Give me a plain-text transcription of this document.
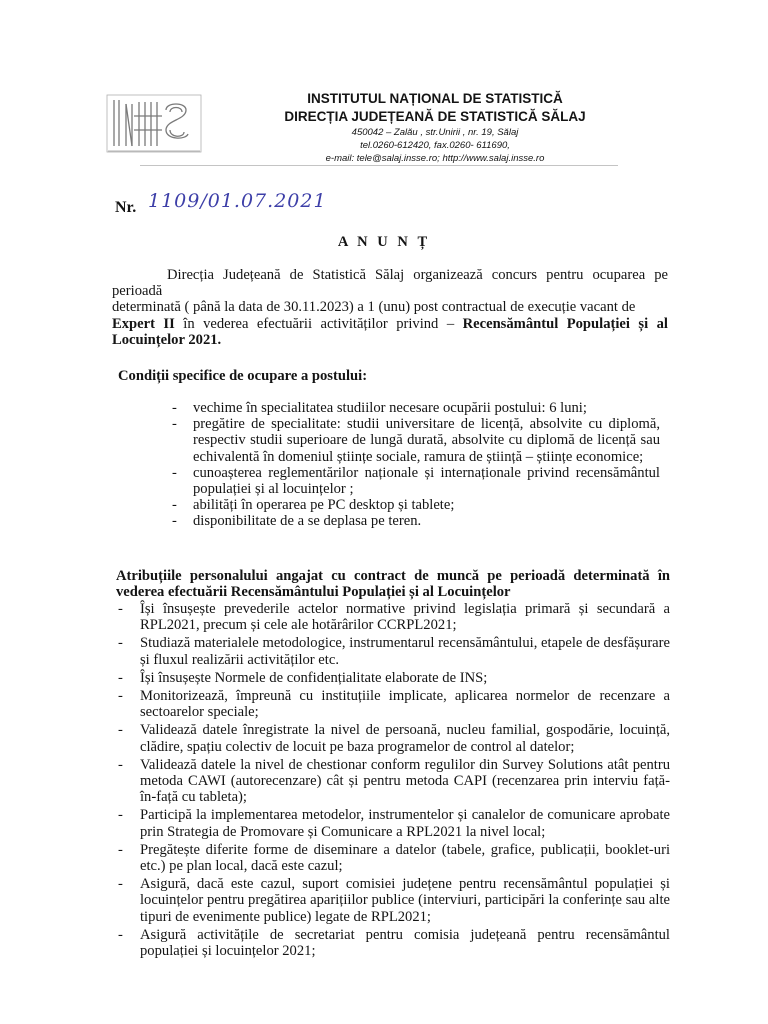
INSTITUTUL NAȚIONAL DE STATISTICĂ
DIRECȚIA JUDEȚEANĂ DE STATISTICĂ SĂLAJ
450042 – Zalău , str.Unirii , nr. 19, Sălaj
tel.0260-612420, fax.0260- 611690,
e-mail: tele@salaj.insse.ro; http://www.salaj.insse.ro
Nr. 1109/01.07.2021
A N U N Ț
Direcția Județeană de Statistică Sălaj organizează concurs pentru ocuparea pe perioadă
determinată ( până la data de 30.11.2023) a 1 (unu) post contractual de execuție vacant de
Expert II în vederea efectuării activităților privind – Recensământul Populației și al Locuințelor 2021.
Condiții specifice de ocupare a postului:
- vechime în specialitatea studiilor necesare ocupării postului: 6 luni;
- pregătire de specialitate: studii universitare de licență, absolvite cu diplomă, respectiv studii superioare de lungă durată, absolvite cu diplomă de licență sau echivalentă în domeniul științe sociale, ramura de știință – științe economice;
- cunoașterea reglementărilor naționale și internaționale privind recensământul populației și al locuințelor ;
- abilități în operarea pe PC desktop și tablete;
- disponibilitate de a se deplasa pe teren.
Atribuțiile personalului angajat cu contract de muncă pe perioadă determinată în vederea efectuării Recensământului Populației și al Locuințelor
- Își însușește prevederile actelor normative privind legislația primară și secundară a RPL2021, precum și cele ale hotărârilor CCRPL2021;
- Studiază materialele metodologice, instrumentarul recensământului, etapele de desfășurare și fluxul realizării activităților etc.
- Își însușește Normele de confidențialitate elaborate de INS;
- Monitorizează, împreună cu instituțiile implicate, aplicarea normelor de recenzare a sectoarelor speciale;
- Validează datele înregistrate la nivel de persoană, nucleu familial, gospodărie, locuință, clădire, spațiu colectiv de locuit pe baza programelor de control al datelor;
- Validează datele la nivel de chestionar conform regulilor din Survey Solutions atât pentru metoda CAWI (autorecenzare) cât și pentru metoda CAPI (recenzarea prin interviu față-în-față cu tableta);
- Participă la implementarea metodelor, instrumentelor și canalelor de comunicare aprobate prin Strategia de Promovare și Comunicare a RPL2021 la nivel local;
- Pregătește diferite forme de diseminare a datelor (tabele, grafice, publicații, booklet-uri etc.) pe plan local, dacă este cazul;
- Asigură, dacă este cazul, suport comisiei județene pentru recensământul populației și locuințelor pentru pregătirea aparițiilor publice (interviuri, participări la conferințe sau alte tipuri de evenimente publice) legate de RPL2021;
- Asigură activitățile de secretariat pentru comisia județeană pentru recensământul populației și locuințelor 2021;
